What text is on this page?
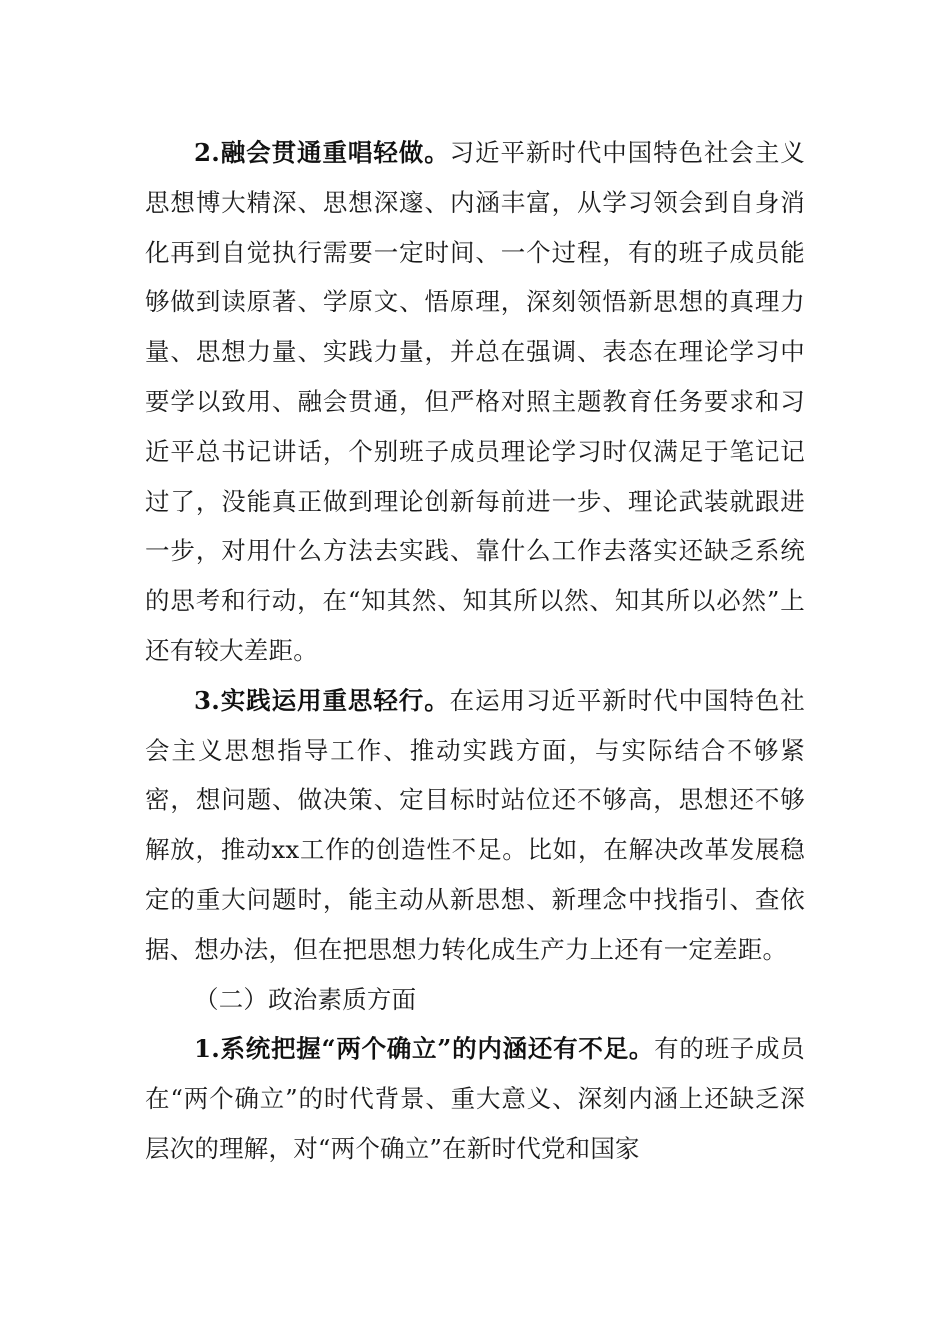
2.融会贯通重唱轻做。习近平新时代中国特色社会主义思想博大精深、思想深邃、内涵丰富，从学习领会到自身消化再到自觉执行需要一定时间、一个过程，有的班子成员能够做到读原著、学原文、悟原理，深刻领悟新思想的真理力量、思想力量、实践力量，并总在强调、表态在理论学习中要学以致用、融会贯通，但严格对照主题教育任务要求和习近平总书记讲话，个别班子成员理论学习时仅满足于笔记记过了，没能真正做到理论创新每前进一步、理论武装就跟进一步，对用什么方法去实践、靠什么工作去落实还缺乏系统的思考和行动，在“知其然、知其所以然、知其所以必然”上还有较大差距。

3.实践运用重思轻行。在运用习近平新时代中国特色社会主义思想指导工作、推动实践方面，与实际结合不够紧密，想问题、做决策、定目标时站位还不够高，思想还不够解放，推动xx工作的创造性不足。比如，在解决改革发展稳定的重大问题时，能主动从新思想、新理念中找指引、查依据、想办法，但在把思想力转化成生产力上还有一定差距。

（二）政治素质方面

1.系统把握“两个确立”的内涵还有不足。有的班子成员在“两个确立”的时代背景、重大意义、深刻内涵上还缺乏深层次的理解，对“两个确立”在新时代党和国家
